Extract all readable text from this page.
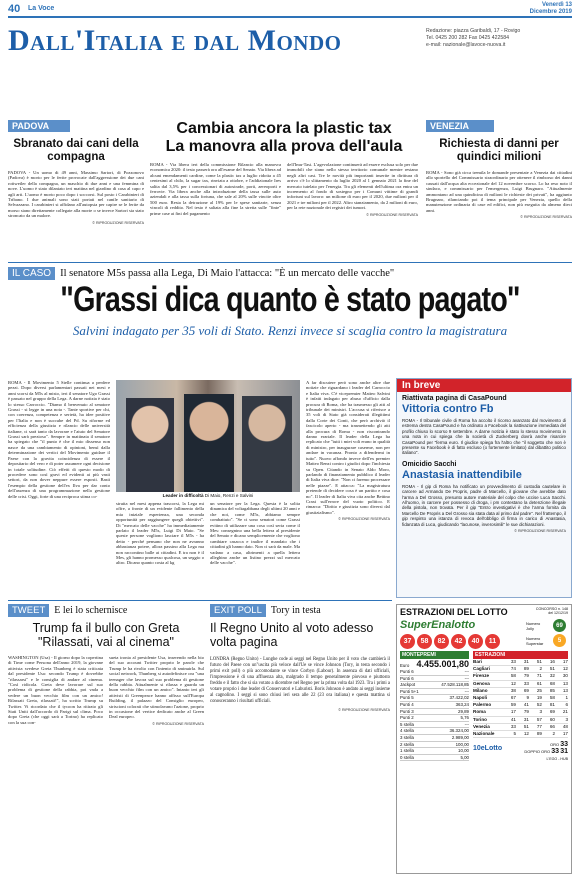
40 La Voce	Venerdì 13
Dicembre 2019
Dall'Italia e dal Mondo	Redazione: piazza Garibaldi, 17 - Rovigo
Tel. 0425 200 282 Fax 0425 422584
e-mail: nazionale@lavoce-nuova.it
PADOVA
Sbranato dai cani della compagna
PADOVA - Un uomo di 49 anni, Massimo Sartori, di Pozzonovo (Padova) è morto per le ferite provocate dall'aggressione dei due cani rottweiler della compagna, un maschio di due anni e una femmina di nove. L'uomo è stato dilaniato ieri mattina nel giardino di casa al capo e agli arti. L'uomo è morto poco dopo i soccorsi. Sul posto i Carabinieri di Tribano. I due animali sono stati portati nel canile sanitario di Selvazzano. I carabinieri si affidano all'autopsia per capire se le ferite da morso siano direttamente collegate alla morte o se invece Sartori sia stato stroncato da un malore.
© RIPRODUZIONE RISERVATA
Cambia ancora la plastic tax
La manovra alla prova dell'aula
ROMA - Via libera ieri della commissione Bilancio alla manovra economica 2020: il testo passerà ora all'esame del Senato. Via libera ad alcuni emendamenti cardine, come la plastic tax a luglio ridotta a 45 centesimi al chilo, la sugar tax, rinviata a ottobre, e l'addizionale Ires salita dal 3,5% per i concessionari di autostrade, porti, aereoporti e ferrovie. Via libera anche alla introduzione della tassa sulle auto aziendali e alla tassa sulla fortuna, che sale al 20% sulle vincite oltre 500 euro. Resta la detrazione al 19% per le spese sanitarie, senza vincoli di reddito. Nel testo è saltata alla fine la stretta sulle "finte" prime case ai fini del pagamento
dell'Imu-Tasi. L'agevolazione continuerà ad essere esclusa solo per due immobili che siano nello stesso territorio comunale mentre restano negli altri casi. Tre le novità più importanti inserite in dirittura di arrivo c'è lo slittamento da luglio 2020 al 1 gennaio 2021 la fine del mercato tutelato per l'energia. Tra gli elementi dell'ultima ora entra un incremento al fondo di sostegno per i Comuni vittime di grandi infortuni sul lavoro: un milione di euro per il 2020, due milioni per il 2021 e tre milioni per il 2022. Altro stanziamento, da 2 milioni di euro, per la rete nazionale dei registri dei tumori.
© RIPRODUZIONE RISERVATA
VENEZIA
Richiesta di danni per quindici milioni
ROMA - Sono già circa tremila le domande presentate a Venezia dai cittadini allo sportello del Commissario straordinario per ottenere il rimborso dei danni causati dall'acqua alta eccezionale del 12 novembre scorso. Lo ha reso noto il sindaco, e commissario per l'emergenza, Luigi Brugnaro. "Attualmente ammontano ad una quindicina di milioni le richieste dei privati", ha aggiunto Brugnaro, rilanciando poi il tema principale per Venezia, quello della manutenzione ordinaria di case ed edifici, non più eseguita da almeno dieci anni.
© RIPRODUZIONE RISERVATA
IL CASO Il senatore M5s passa alla Lega, Di Maio l'attacca: "È un mercato delle vacche"
"Grassi dica quanto è stato pagato"
Salvini indagato per 35 voli di Stato. Renzi invece si scaglia contro la magistratura
ROMA - Il Movimento 5 Stelle continua a perdere pezzi. Dopo diversi parlamentari passati nei mesi e anni scorsi da M5s al misto, ieri il senatore Ugo Grassi è passato nel gruppo della Lega. A darne notizia è stato lo stesso Carroccio. "Diamo il benvenuto al senatore Grassi - si legge in una nota -. Tante sportive per chi, con coerenza, competenza e serietà, ha idee positive per l'Italia e non è succube del Pd. Su riforme ed efficienza della giustizia e rilancio delle università italiane, ci sarà tanto da lavorare e l'aiuto del Senatore Grassi sarà prezioso". Sempre in mattinata il senatore ha spiegato che "il punto è che il mio dissenso non nasce da una cambiamento di opinioni, bensì dalla determinazione dei vertici del Movimento guidare il Paese con la gravita coincidenza di essere il depositario del vero e di poter assumere ogni decisione in totale solitudine. Ciò effetti di questo modo di procedere sono così gravi ed evidenti ai più vasti settori, da non dover neppure essere esposti. Basti l'esempio della gestione dell'ex Ilva per dar conto dell'assenza di una programmazione nella gestione delle crisi. Oggi, forte di una reciproca stima co-	Leader in difficoltà Di Maio, Renzi e Salvini
struita nel mesi appena trascorsi, la Lega mi offre, a fronte di un evidente fallimento della mia iniziale esperienza, una seconda opportunità per raggiungere quegli obiettivi". Di "mercato delle vacche" ha immediatamente parlato il leader M5s, Luigi Di Maio. "Se queste persone vogliono lasciare il M5s - ha detto - perché pensano che non ne avranno abbastanza potere, allora passino alla Lega ma non raccontino balle ai cittadini. E tra non è il Mes, gli hanno promesso qualcosa, un seggio o altro. Dicano quanto costa al kg
un senatore per la Lega. Questa è la solita dinamica del voltagabbana degli ultimi 20 anni e che noi, come M5s, abbiamo sempre combattuto". "Se ci sono senatori come Grassi evitino di utilizzare una cosa così seria come il Mes: consegnino una bella lettera al presidente del Senato e dicano semplicemente che vogliono cambiare casacca e inalire il mandato che i cittadini gli hanno dato. Non ci sarà da male. Ma vadano a casa, altrimenti a quella lettera alleghino anche un listino prezzi sul mercato delle vacche".
A far discutere però sono anche altre due notizie che riguardano i leader del Carroccio e Italia viva. C'è vicepremier Matteo Salvini è infatti indagato per abuso d'ufficio dalla procura di Roma, che ha trasmesso gli atti al tribunale dei ministri. L'accusa si riferisce a 35 voli di Stato già considerati illegittimi dalla Corte dei Conti, che però archiviò il fascicolo aperto - ma trasmettendo gli atti alla procura di Roma - non riscontrando danno erariale. Il leader della Lega ha replicato che "tutti i miei voli erano in qualità di ministro, per inaugurare caserme, non per andare in vacanza. Pronto a difendermi in tutto". Nuovo affondo invece dell'ex premier Matteo Renzi contro i giudici dopo l'inchiesta su Open. Citando in Senato Aldo Moro, parlando di finanziamento pubblico il leader di Italia viva dice: "Non ci faremo processare nelle piazze". E attacca: "La magistratura pretende di decidere cosa è un partito e cosa no". Il leader di Italia viva cita anche Bettino Craxi sull'errore del vuoto politico. E rimarca: "Diritto e giustizia sono diversi dal giustizialismo".
© RIPRODUZIONE RISERVATA
In breve
Riattivata pagina di CasaPound
Vittoria contro Fb
ROMA - Il tribunale civile di Roma ha accolto il ricorso avanzato dal movimento di estrema destra CasaPound e ha ordinato a Facebook la riattivazione immediata del profilo chiuso lo scorso 9 settembre. A darne notizia è stato lo stesso movimento in una nota in cui spiega che la società di Zuckerberg dovrà anche risarcire CasaPound per "ferma euro. Il giudice spiega fra l'altro che "il soggetto che non è presente su Facebook è di fatto escluso (o fortemente limitato) dal dibattito politico italiano".
Omicidio Sacchi
Anastasia inattendibile
ROMA - Il gip di Roma ha notificato un provvedimento di custodia cautelare in carcere ad Armando De Propris, padre di Marcello, il giovane che avrebbe dato l'arma a Del Grosso, presunto autore materiale del colpo che uccise Luca Sacchi. All'uomo, in carcere per possesso di droga, i pm contestano la detenzione illegale della pistola, non trovata. Per il gip "Entro investigativi è che l'arma fornita da Marcello De Propris a Del Grosso sia stata data al primo dal padre". Nel frattempo, il gip respinto una istanza di revoca dell'obbligo di firma in carico di Anastasia, fidanzata di Luca, giudicando "lacunose, inverosimili" le sue dichiarazioni.
© RIPRODUZIONE RISERVATA
TWEET E lei lo schernisce
Trump fa il bullo con Greta "Rilassati, vai al cinema"
WASHINGTON (Usa) - Il giorno dopo la copertina di Time come Persona dell'anno 2019, la giovane attivista svedese Greta Thunberg è stata criticata dal presidente Usa: secondo Trump è dovrebbe "rilassarsi" e le consiglia di andare al cinema. "Così ridicola. Greta deve lavorare sul suo problema di gestione della rabbia, poi vada a vedere un buon vecchio film con un amico! Rilassati Greta, rilassati!", ha scritto Trump su Twitter. Vi ricordato che il tycoon ha ritirato gli Stati Uniti dall'accordo di Parigi sul clima. Poco dopo Greta (che oggi sarà a Torino) ha replicato con la sua con-
sueta ironia al presidente Usa, inserendo nella bio del suo account Twitter proprio le parole che Trump le ha rivolto con l'intento di sminuirla. Sul social network, Thunberg si autodefinisce ora "una teenager che lavora sul suo problema di gestione della rabbia. Attualmente si rilassa e guarda un buon vecchio film con un amico". Intanto ieri gli attivisti di Greenpeace hanno affisso sull'Europa Building, il palazzo del Consiglio europeo, striscioni colorati che stimolavano l'azione, proprio in occasione del vertice dedicato anche al Green Deal europeo.
© RIPRODUZIONE RISERVATA
EXIT POLL Tory in testa
Il Regno Unito al voto adesso volta pagina
LONDRA (Regno Unito) - Lunghe code ai seggi nel Regno Unito per il voto che cambierà il futuro del Paese con un"uscita più veloce dall'Ue se vince Johnson (Tory, in testa secondo i primi exit poll) o più accomodante se vince Corbyn (Labour). In assenza di dati ufficiali, l'impressione è di una affluenza alta, malgrado il tempo generalmente piovoso e piuttosto freddo e il fatto che si sia votato a dicembre nel Regno per la prima volta dal 1923. Tra i primi a votare proprio i due leader di Conservatori e Laburisti. Boris Johnson è andato ai seggi insieme al cagnolino. I seggi si sono chiusi ieri sera alle 22 (23 ora italiana) e questa mattina si conosceranno i risultati ufficiali.
© RIPRODUZIONE RISERVATA
ESTRAZIONI DEL LOTTO	CONCORSO n. 148 del 12/12/19
SuperEnalotto
37	58	82	42	40	11
Numero Jolly	69
Numero Superstar	5
MONTEPREMI
Euro 4.455.001,80
Punti 6	---
Punti 6	---
Jackpot	47.528.118,85
Punti 5+1	---
Punti 5	37.422,02
Punti 4	363,24
Punti 3	29,89
Punti 2	5,76
5 stella	---
4 stella	36.324,00
3 stella	2.989,00
2 stella	100,00
1 stella	10,00
0 stella	5,00
ESTRAZIONI
Bari	33	31	51	16	17
Cagliari	74	89	2	51	12
Firenze	58	79	71	32	30
Genova	12	33	61	68	13
Milano	38	69	25	85	13
Napoli	67	9	19	58	1
Palermo	59	41	52	81	6
Roma	17	79	3	69	21
Torino	41	31	57	60	3
Venezia	33	51	77	66	48
Nazionale	5	12	89	2	17
10eLotto	ORO 33
DOPPIO ORO 33 31
L'EGO - HUB
